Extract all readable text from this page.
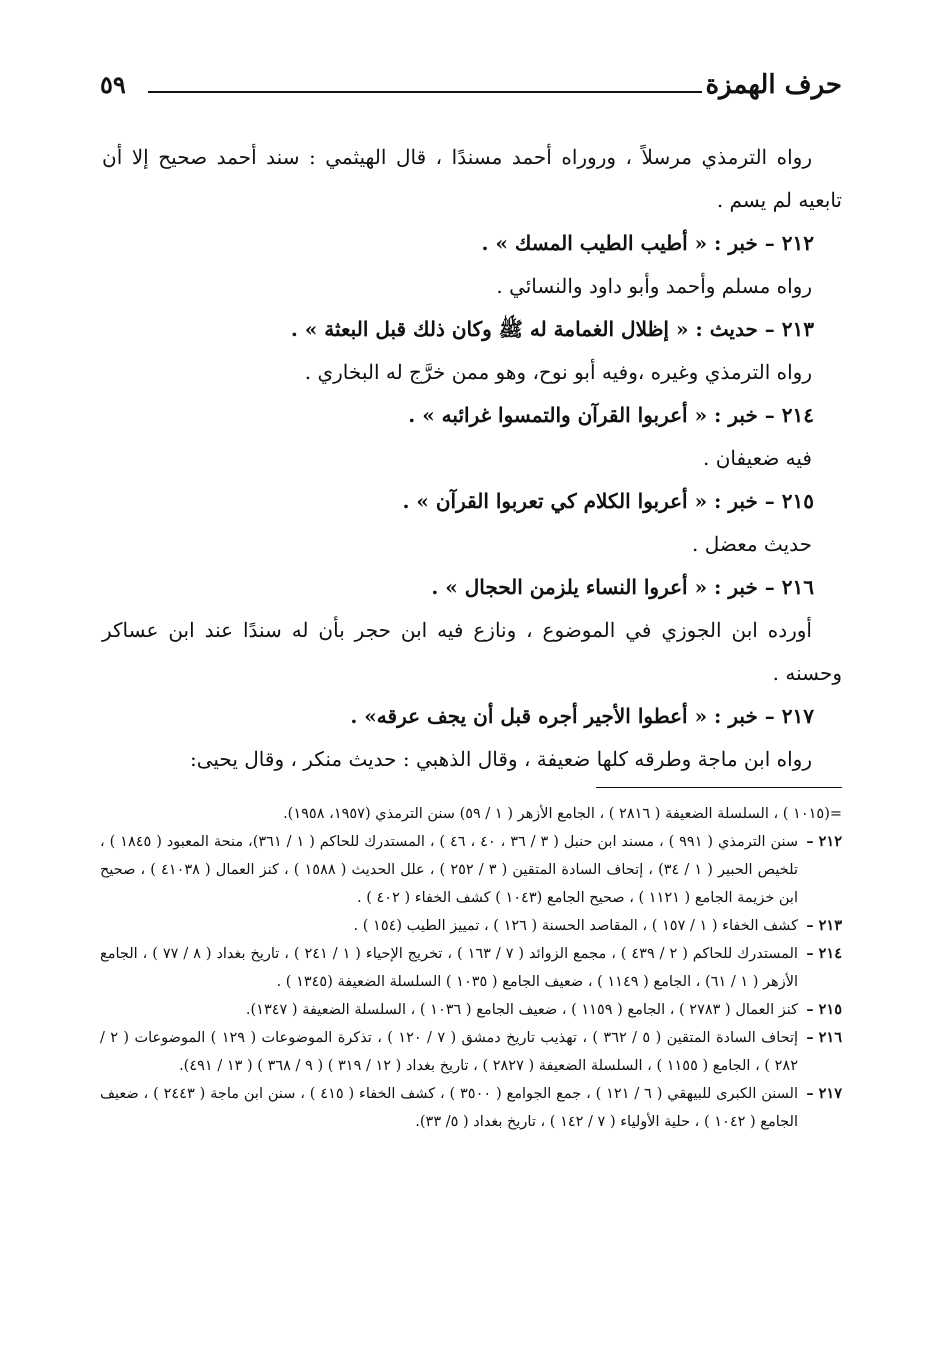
حرف الهمزة
٥٩

رواه الترمذي مرسلاً ، وروراه أحمد مسندًا ، قال الهيثمي : سند أحمد صحيح إلا أن تابعيه لم يسم .

٢١٢ – خبر : « أطيب الطيب المسك » .

رواه مسلم وأحمد وأبو داود والنسائي .

٢١٣ – حديث : « إظلال الغمامة له ﷺ وكان ذلك قبل البعثة » .

رواه الترمذي وغيره ،وفيه أبو نوح، وهو ممن خرَّج له البخاري .

٢١٤ – خبر : « أعربوا القرآن والتمسوا غرائبه » .

فيه ضعيفان .

٢١٥ – خبر : « أعربوا الكلام كي تعربوا القرآن » .

حديث معضل .

٢١٦ – خبر : « أعروا النساء يلزمن الحجال » .

أورده ابن الجوزي في الموضوع ، ونازع فيه ابن حجر بأن له سندًا عند ابن عساكر وحسنه .

٢١٧ – خبر : « أعطوا الأجير أجره قبل أن يجف عرقه» .

رواه ابن ماجة وطرقه كلها ضعيفة ، وقال الذهبي : حديث منكر ، وقال يحيى:

=(١٠١٥ ) ، السلسلة الضعيفة ( ٢٨١٦ ) ، الجامع الأزهر ( ١ / ٥٩) سنن الترمذي (١٩٥٧، ١٩٥٨).

٢١٢ –
سنن الترمذي ( ٩٩١ ) ، مسند ابن حنبل ( ٣ / ٣٦ ، ٤٠ ، ٤٦ ) ، المستدرك للحاكم ( ١ / ٣٦١)، منحة المعبود ( ١٨٤٥ ) ، تلخيص الحبير ( ١ / ٣٤) ، إتحاف السادة المتقين ( ٣ / ٢٥٢ ) ، علل الحديث ( ١٥٨٨ ) ، كنز العمال ( ٤١٠٣٨ ) ، صحيح ابن خزيمة الجامع ( ١١٢١ ) ، صحيح الجامع (١٠٤٣ ) كشف الخفاء ( ٤٠٢ ) .

٢١٣ –
كشف الخفاء ( ١ / ١٥٧ ) ، المقاصد الحسنة ( ١٢٦ ) ، تمييز الطيب (١٥٤ ) .

٢١٤ –
المستدرك للحاكم ( ٢ / ٤٣٩ ) ، مجمع الزوائد ( ٧ / ١٦٣ ) ، تخريج الإحياء ( ١ / ٢٤١ ) ، تاريخ بغداد ( ٨ / ٧٧ ) ، الجامع الأزهر ( ١ / ٦١) ، الجامع ( ١١٤٩ ) ، ضعيف الجامع ( ١٠٣٥ ) السلسلة الضعيفة (١٣٤٥ ) .

٢١٥ –
كنز العمال ( ٢٧٨٣ ) ، الجامع ( ١١٥٩ ) ، ضعيف الجامع ( ١٠٣٦ ) ، السلسلة الضعيفة ( ١٣٤٧).

٢١٦ –
إتحاف السادة المتقين ( ٥ / ٣٦٢ ) ، تهذيب تاريخ دمشق ( ٧ / ١٢٠ ) ، تذكرة الموضوعات ( ١٢٩ ) الموضوعات ( ٢ / ٢٨٢ ) ، الجامع ( ١١٥٥ ) ، السلسلة الضعيفة ( ٢٨٢٧ ) ، تاريخ بغداد ( ١٢ / ٣١٩ ) ( ٩ / ٣٦٨ ) ( ١٣ / ٤٩١).

٢١٧ –
السنن الكبرى للبيهقي ( ٦ / ١٢١ ) ، جمع الجوامع ( ٣٥٠٠ ) ، كشف الخفاء ( ٤١٥ ) ، سنن ابن ماجة ( ٢٤٤٣ ) ، ضعيف الجامع ( ١٠٤٢ ) ، حلية الأولياء ( ٧ / ١٤٢ ) ، تاريخ بغداد ( ٥/ ٣٣).
